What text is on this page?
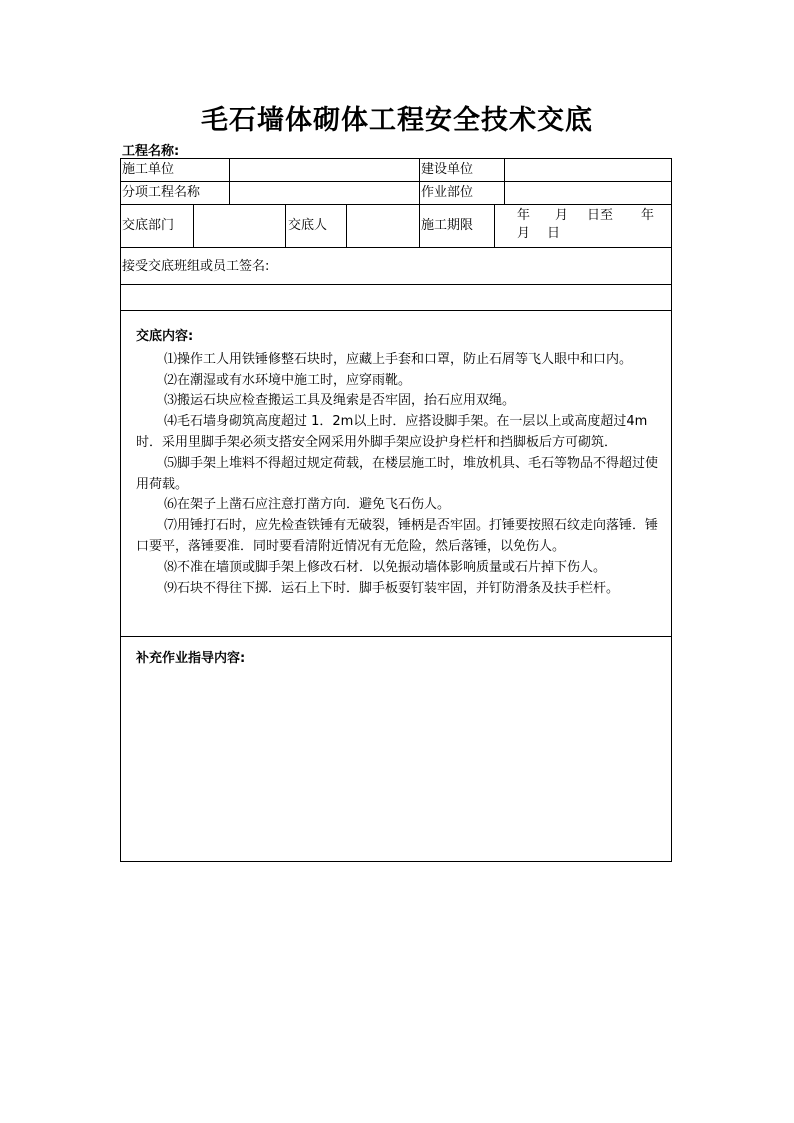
毛石墙体砌体工程安全技术交底
工程名称:
施工单位	建设单位
分项工程名称	作业部位
交底部门	交底人	施工期限
年 月 日至 年
月 日
接受交底班组或员工签名:
交底内容:

⑴操作工人用铁锤修整石块时，应藏上手套和口罩，防止石屑等飞人眼中和口内。

⑵在潮湿或有水环境中施工时，应穿雨靴。

⑶搬运石块应检查搬运工具及绳索是否牢固，抬石应用双绳。

⑷毛石墙身砌筑高度超过 1．2m以上时．应搭设脚手架。在一层以上或高度超过4m时．采用里脚手架必须支搭安全网采用外脚手架应设护身栏杆和挡脚板后方可砌筑．

⑸脚手架上堆料不得超过规定荷载，在楼层施工时，堆放机具、毛石等物品不得超过使用荷载。

⑹在架子上凿石应注意打凿方向．避免飞石伤人。

⑺用锤打石时，应先检查铁锤有无破裂，锤柄是否牢固。打锤要按照石纹走向落锤．锤口要平，落锤要准．同时要看清附近情况有无危险，然后落锤，以免伤人。

⑻不准在墙顶或脚手架上修改石材．以免振动墙体影响质量或石片掉下伤人。

⑼石块不得往下掷．运石上下时．脚手板耍钉装牢固，并钉防滑条及扶手栏杆。

补充作业指导内容:
